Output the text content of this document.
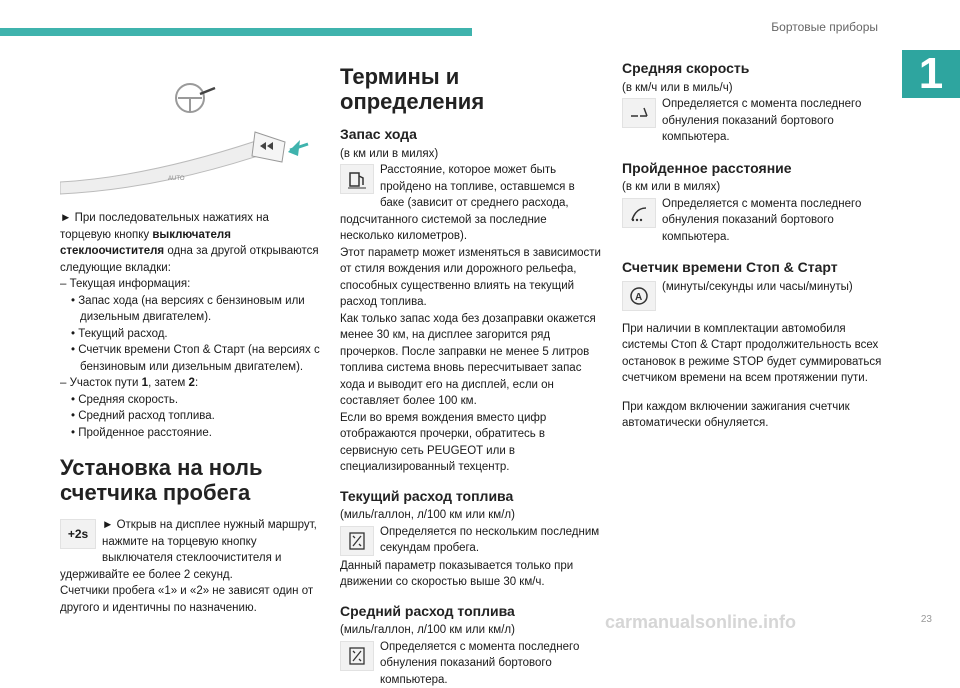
Бортовые приборы
1
AUTO

► При последовательных нажатиях на торцевую кнопку выключателя стеклоочистителя одна за другой открываются следующие вкладки:

– Текущая информация:

• Запас хода (на версиях с бензиновым или дизельным двигателем).

• Текущий расход.

• Счетчик времени Стоп & Старт (на версиях с бензиновым или дизельным двигателем).

– Участок пути 1, затем 2:

• Средняя скорость.

• Средний расход топлива.

• Пройденное расстояние.

Установка на ноль счетчика пробега
+2s

► Открыв на дисплее нужный маршрут, нажмите на торцевую кнопку выключателя стеклоочистителя и удерживайте ее более 2 секунд.

Счетчики пробега «1» и «2» не зависят один от другого и идентичны по назначению.

Термины и определения
Запас хода

(в км или в милях)

Расстояние, которое может быть пройдено на топливе, оставшемся в баке (зависит от среднего расхода, подсчитанного системой за последние несколько километров).

Этот параметр может изменяться в зависимости от стиля вождения или дорожного рельефа, способных существенно влиять на текущий расход топлива.

Как только запас хода без дозаправки окажется менее 30 км, на дисплее загорится ряд прочерков. После заправки не менее 5 литров топлива система вновь пересчитывает запас хода и выводит его на дисплей, если он составляет более 100 км.

Если во время вождения вместо цифр отображаются прочерки, обратитесь в сервисную сеть PEUGEOT или в специализированный техцентр.

Текущий расход топлива

(миль/галлон, л/100 км или км/л)

Определяется по нескольким последним секундам пробега.

Данный параметр показывается только при движении со скоростью выше 30 км/ч.

Средний расход топлива

(миль/галлон, л/100 км или км/л)

Определяется с момента последнего обнуления показаний бортового компьютера.

Средняя скорость

(в км/ч или в миль/ч)

Определяется с момента последнего обнуления показаний бортового компьютера.

Пройденное расстояние

(в км или в милях)

Определяется с момента последнего обнуления показаний бортового компьютера.

Счетчик времени Стоп & Старт
A

(минуты/секунды или часы/минуты)

При наличии в комплектации автомобиля системы Стоп & Старт продолжительность всех остановок в режиме STOP будет суммироваться счетчиком времени на всем протяжении пути.

При каждом включении зажигания счетчик автоматически обнуляется.

carmanualsonline.info	23
